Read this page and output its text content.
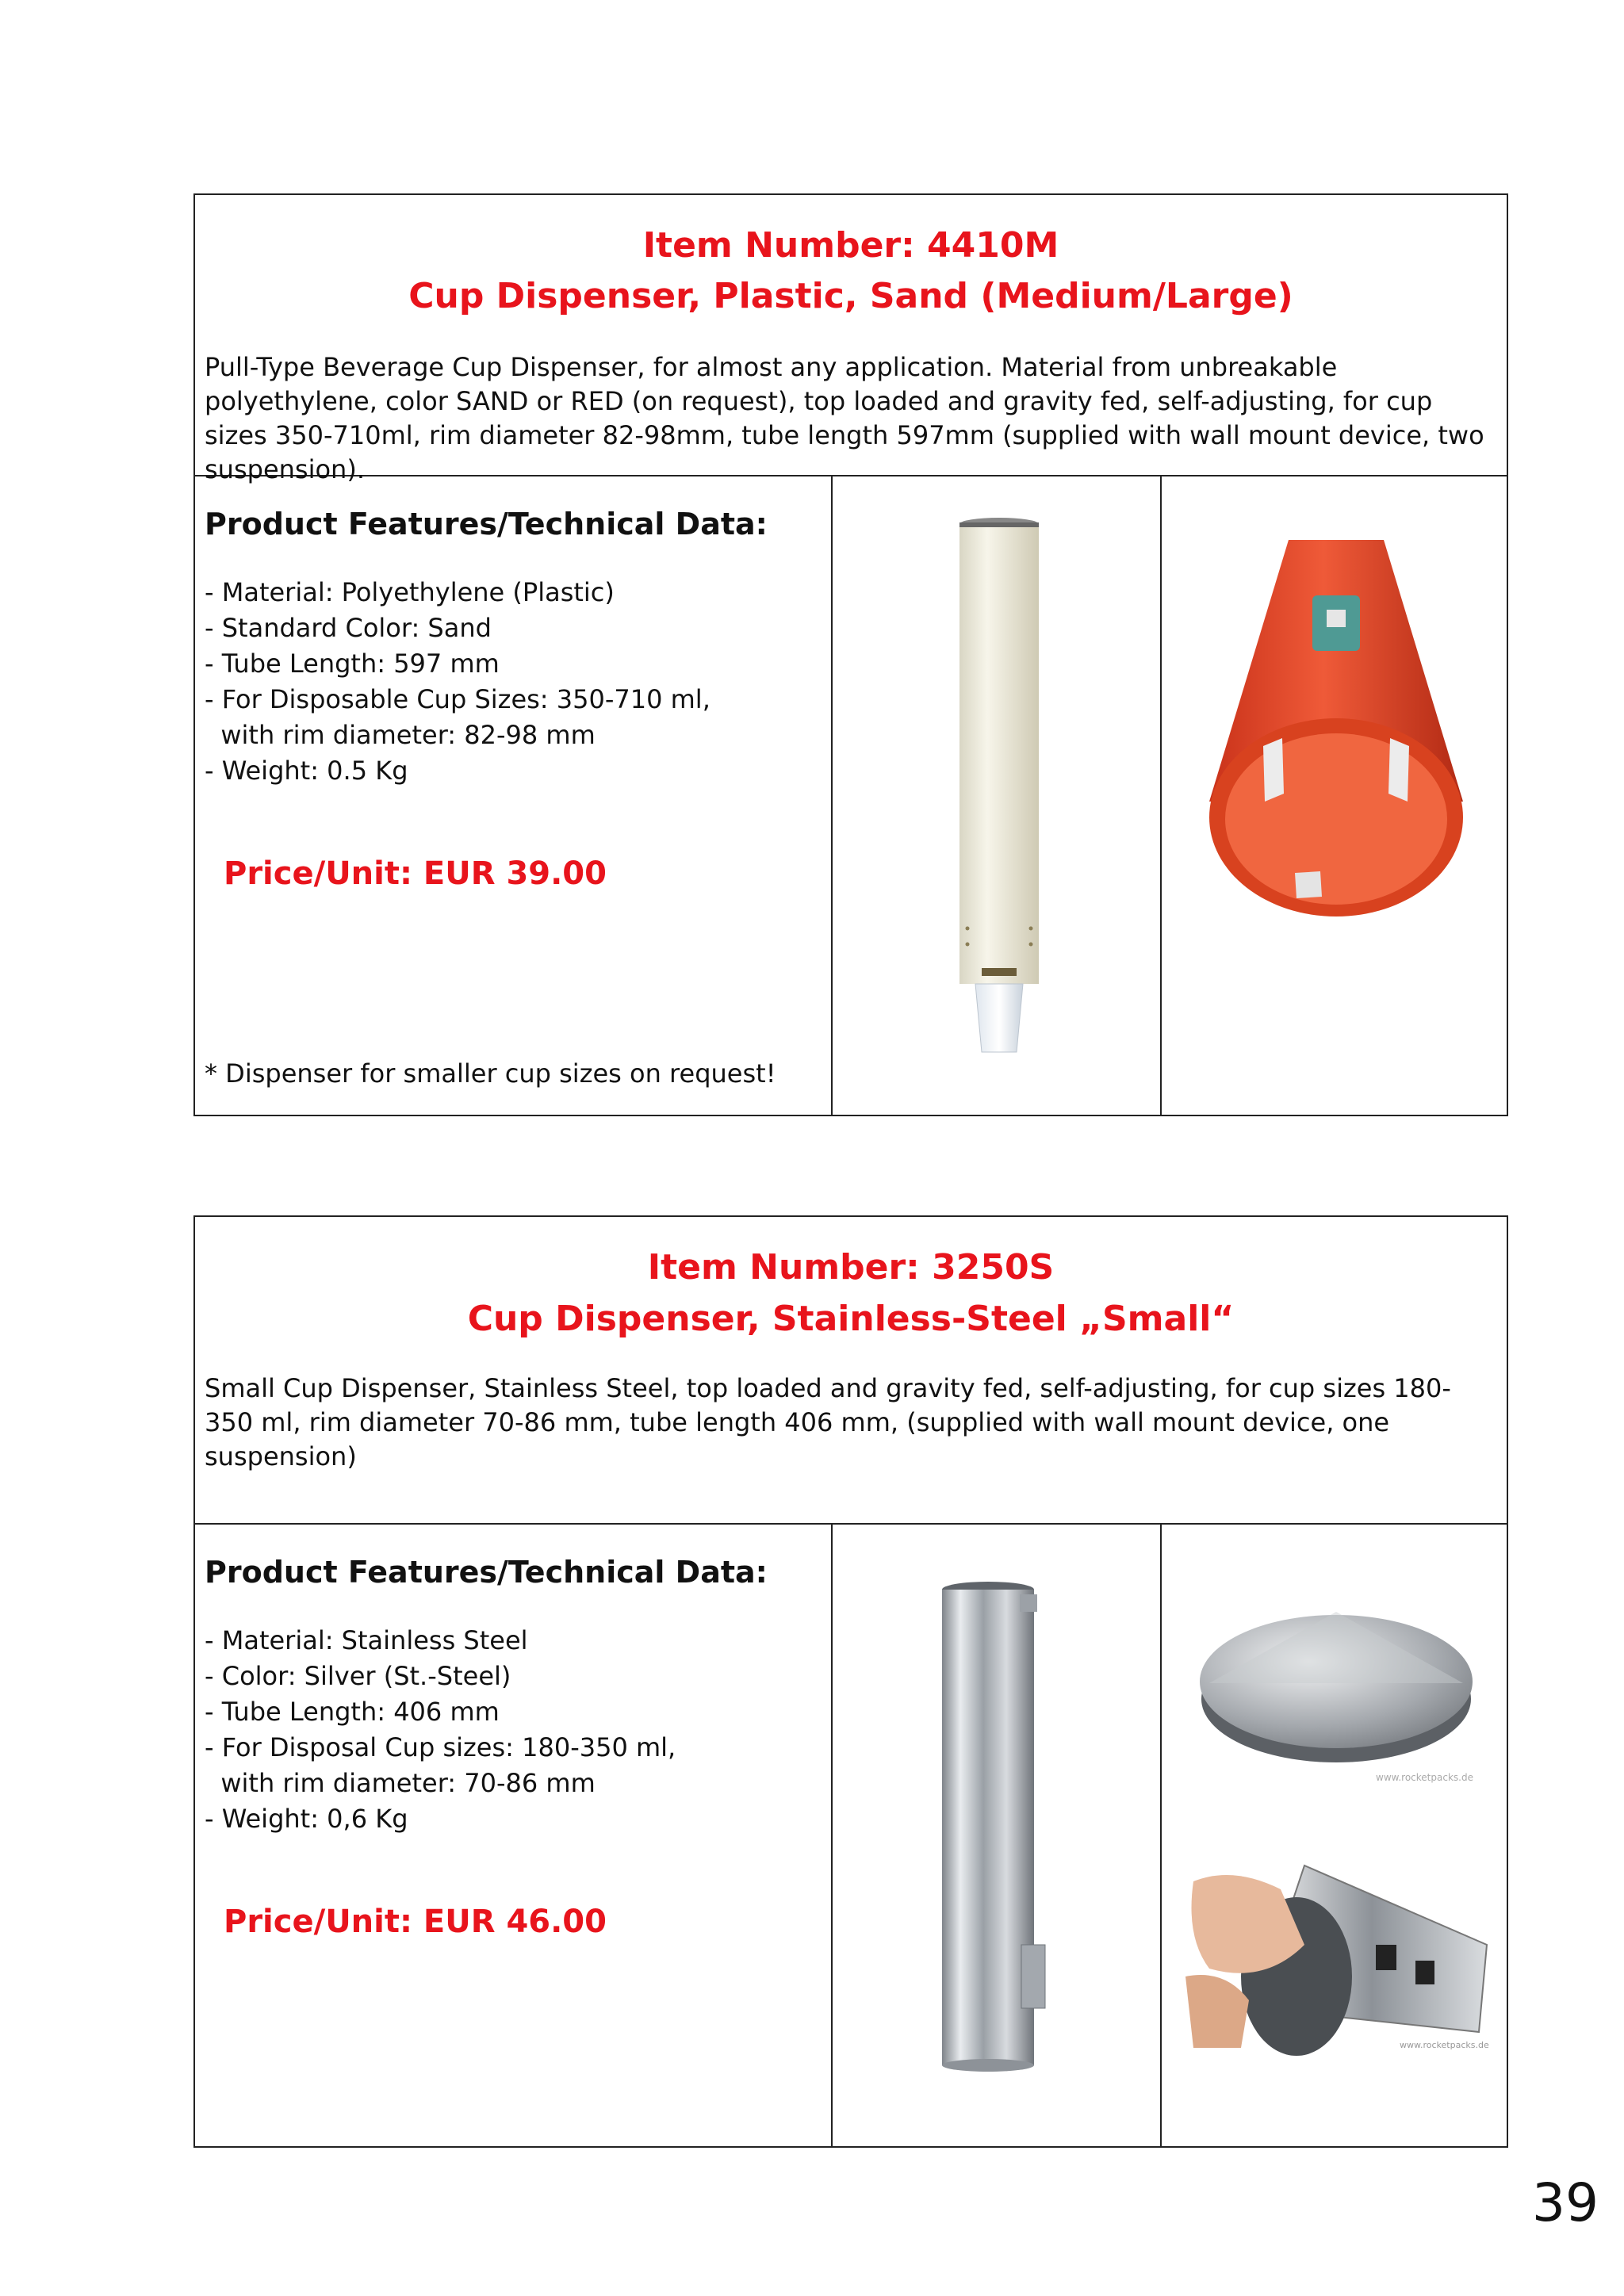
Item Number: 4410M
Cup Dispenser, Plastic, Sand (Medium/Large)
Pull-Type Beverage Cup Dispenser, for almost any application. Material from unbreakable polyethylene, color SAND or RED (on request), top loaded and gravity fed, self-adjusting, for cup sizes 350-710ml, rim diameter 82-98mm, tube length 597mm (supplied with wall mount device, two suspension).
Product Features/Technical Data:
- Material: Polyethylene (Plastic)
- Standard Color: Sand
- Tube Length: 597 mm
- For Disposable Cup Sizes: 350-710 ml,
with rim diameter: 82-98 mm
- Weight: 0.5 Kg
Price/Unit: EUR 39.00
* Dispenser for smaller cup sizes on request!
Item Number: 3250S
Cup Dispenser, Stainless-Steel „Small“
Small Cup Dispenser, Stainless Steel, top loaded and gravity fed, self-adjusting, for cup sizes 180-350 ml, rim diameter 70-86 mm, tube length 406 mm, (supplied with wall mount device, one suspension)
Product Features/Technical Data:
- Material: Stainless Steel
- Color: Silver (St.-Steel)
- Tube Length: 406 mm
- For Disposal Cup sizes: 180-350 ml,
with rim diameter: 70-86 mm
- Weight: 0,6 Kg
Price/Unit: EUR 46.00
www.rocketpacks.de
www.rocketpacks.de
39
